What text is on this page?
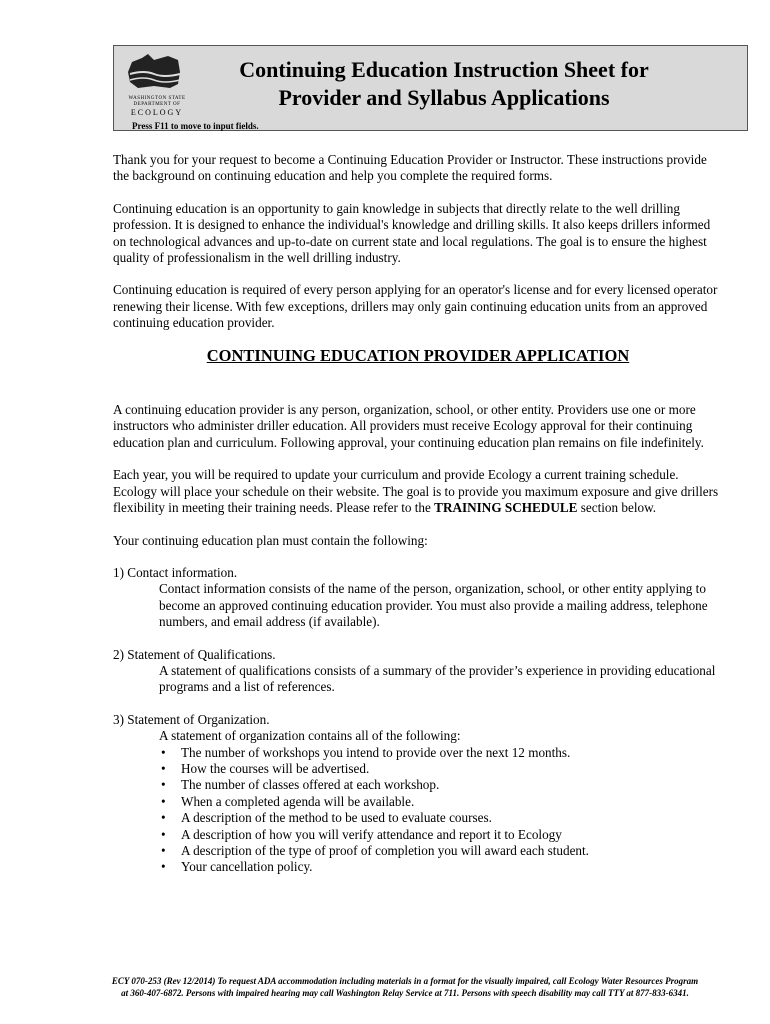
WASHINGTON STATE
DEPARTMENT OF
ECOLOGY
Continuing Education Instruction Sheet for
Provider and Syllabus Applications
Press F11 to move to input fields.

Thank you for your request to become a Continuing Education Provider or Instructor. These instructions provide the background on continuing education and help you complete the required forms.

Continuing education is an opportunity to gain knowledge in subjects that directly relate to the well drilling profession. It is designed to enhance the individual's knowledge and drilling skills. It also keeps drillers informed on technological advances and up-to-date on current state and local regulations. The goal is to ensure the highest quality of professionalism in the well drilling industry.

Continuing education is required of every person applying for an operator's license and for every licensed operator renewing their license. With few exceptions, drillers may only gain continuing education units from an approved continuing education provider.

CONTINUING EDUCATION PROVIDER APPLICATION

A continuing education provider is any person, organization, school, or other entity. Providers use one or more instructors who administer driller education. All providers must receive Ecology approval for their continuing education plan and curriculum. Following approval, your continuing education plan remains on file indefinitely.

Each year, you will be required to update your curriculum and provide Ecology a current training schedule. Ecology will place your schedule on their website. The goal is to provide you maximum exposure and give drillers flexibility in meeting their training needs. Please refer to the TRAINING SCHEDULE section below.

Your continuing education plan must contain the following:

1) Contact information.
Contact information consists of the name of the person, organization, school, or other entity applying to become an approved continuing education provider. You must also provide a mailing address, telephone numbers, and email address (if available).
2) Statement of Qualifications.
A statement of qualifications consists of a summary of the provider’s experience in providing educational programs and a list of references.
3) Statement of Organization.
A statement of organization contains all of the following:
• The number of workshops you intend to provide over the next 12 months.
• How the courses will be advertised.
• The number of classes offered at each workshop.
• When a completed agenda will be available.
• A description of the method to be used to evaluate courses.
• A description of how you will verify attendance and report it to Ecology
• A description of the type of proof of completion you will award each student.
• Your cancellation policy.
ECY 070-253 (Rev 12/2014) To request ADA accommodation including materials in a format for the visually impaired, call Ecology Water Resources Program
at 360-407-6872. Persons with impaired hearing may call Washington Relay Service at 711. Persons with speech disability may call TTY at 877-833-6341.
